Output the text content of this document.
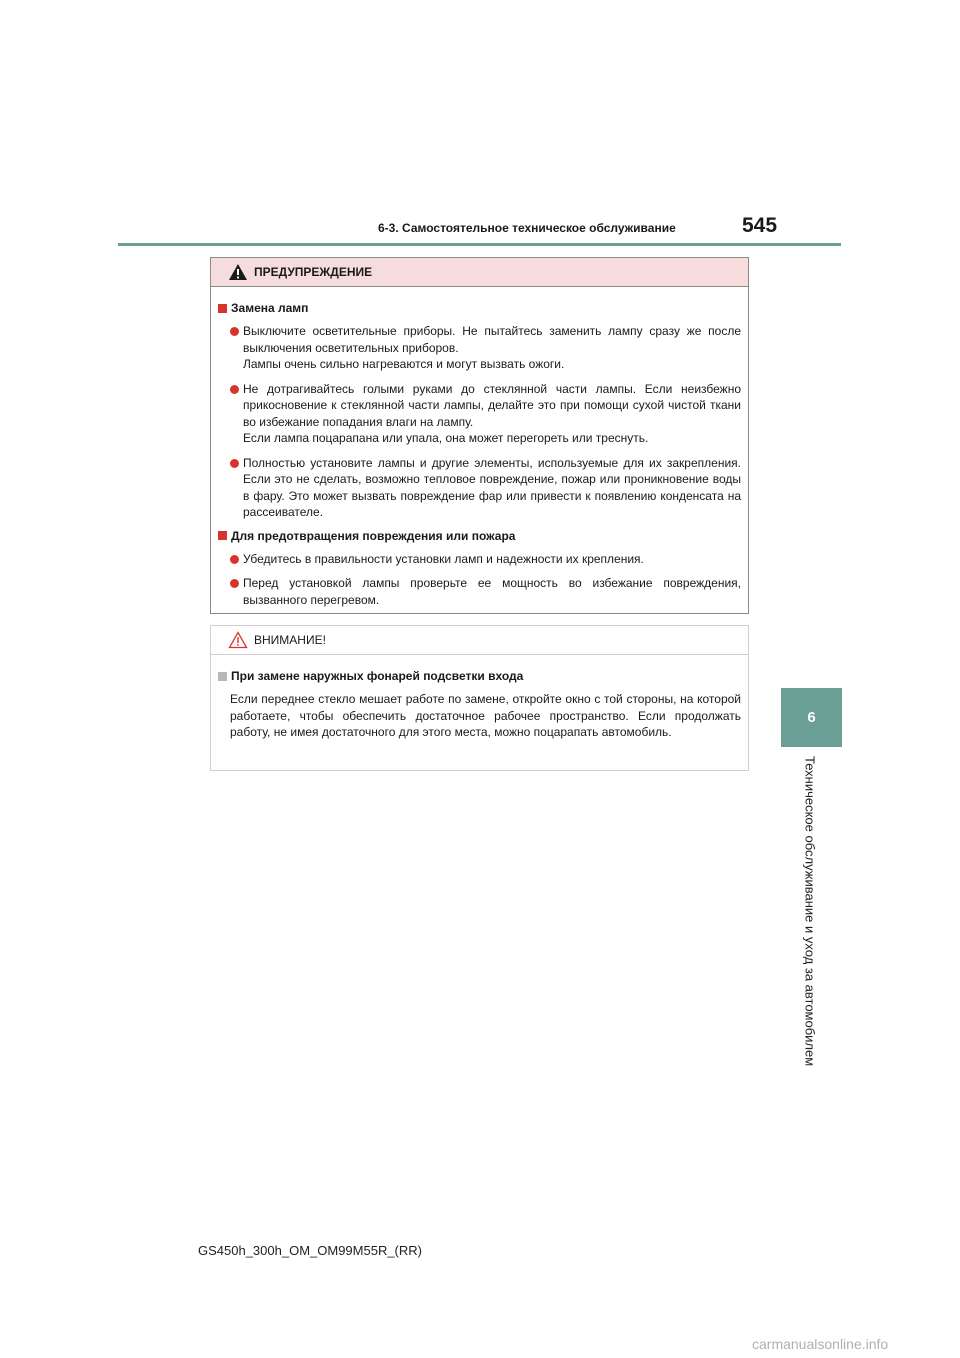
6-3. Самостоятельное техническое обслуживание	545
6
Техническое обслуживание и уход за автомобилем
ПРЕДУПРЕЖДЕНИЕ
Замена ламп

Выключите осветительные приборы. Не пытайтесь заменить лампу сразу же после выключения осветительных приборов.

Лампы очень сильно нагреваются и могут вызвать ожоги.

Не дотрагивайтесь голыми руками до стеклянной части лампы. Если неизбежно прикосновение к стеклянной части лампы, делайте это при помощи сухой чистой ткани во избежание попадания влаги на лампу.

Если лампа поцарапана или упала, она может перегореть или треснуть.

Полностью установите лампы и другие элементы, используемые для их закрепления. Если это не сделать, возможно тепловое повреждение, пожар или проникновение воды в фару. Это может вызвать повреждение фар или привести к появлению конденсата на рассеивателе.

Для предотвращения повреждения или пожара

Убедитесь в правильности установки ламп и надежности их крепления.

Перед установкой лампы проверьте ее мощность во избежание повреждения, вызванного перегревом.

ВНИМАНИЕ!
При замене наружных фонарей подсветки входа

Если переднее стекло мешает работе по замене, откройте окно с той стороны, на которой работаете, чтобы обеспечить достаточное рабочее пространство. Если продолжать работу, не имея достаточного для этого места, можно поцарапать автомобиль.

GS450h_300h_OM_OM99M55R_(RR)
carmanualsonline.info
